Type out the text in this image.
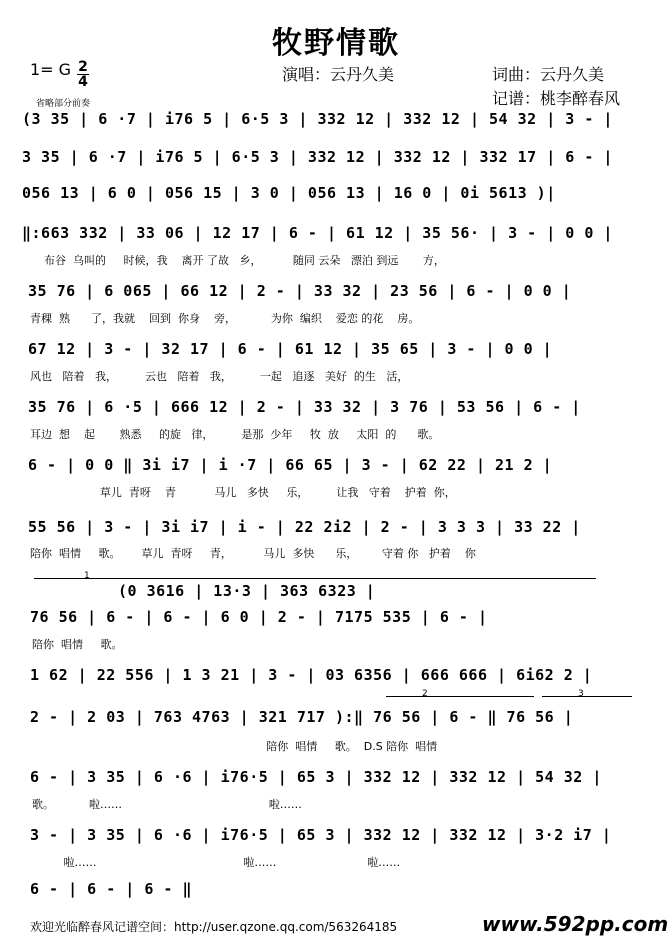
牧野情歌
1= G 2
4	演唱：云丹久美	词曲：云丹久美
记谱：桃李醉春风
省略部分前奏
(3 35 | 6 ·7 | i76 5 | 6·5 3 | 332 12 | 332 12 | 54 32 | 3 - |
3 35 | 6 ·7 | i76 5 | 6·5 3 | 332 12 | 332 12 | 332 17 | 6 - |
056 13 | 6 0 | 056 15 | 3 0 | 056 13 | 16 0 | 0i 5613 )|
‖:663 332 | 33 06 | 12 17 | 6 - | 61 12 | 35 56· | 3 - | 0 0 |
布谷  乌叫的     时候，我    离开 了故   乡，         随同 云朵   漂泊 到远       方，
35 76 | 6 065 | 66 12 | 2 - | 33 32 | 23 56 | 6 - | 0 0 |
青稞  熟      了，我就    回到  你身    旁，          为你  编织    爱恋 的花    房。
67 12 | 3 - | 32 17 | 6 - | 61 12 | 35 65 | 3 - | 0 0 |
风也   陪着   我，        云也   陪着   我，        一起   追逐   美好  的生   活，
35 76 | 6 ·5 | 666 12 | 2 - | 33 32 | 3 76 | 53 56 | 6 - |
耳边  想    起       熟悉     的旋   律，        是那  少年     牧  放     太阳  的      歌。
6 - | 0 0 ‖ 3i i7 | i ·7 | 66 65 | 3 - | 62 22 | 21 2 |
草儿  青呀    青           马儿   多快     乐，        让我   守着    护着  你，
55 56 | 3 - | 3i i7 | i - | 22 2i2 | 2 - | 3 3 3 | 33 22 |
陪你  唱情     歌。      草儿  青呀     青，         马儿  多快      乐，       守着 你   护着    你
1
(0 3616 | 13·3 | 363 6323 |
76 56 | 6 - | 6 - | 6 0 | 2 - | 7175 535 | 6 - |
陪你  唱情     歌。
1 62 | 22 556 | 1 3 21 | 3 - | 03 6356 | 666 666 | 6i62 2 |
2	3
2 - | 2 03 | 763 4763 | 321 717 ):‖ 76 56 | 6 - ‖ 76 56 |
陪你  唱情     歌。  D.S 陪你  唱情
6 - | 3 35 | 6 ·6 | i76·5 | 65 3 | 332 12 | 332 12 | 54 32 |
歌。          啦……                                          啦……
3 - | 3 35 | 6 ·6 | i76·5 | 65 3 | 332 12 | 332 12 | 3·2 i7 |
啦……                                          啦……                          啦……
6 - | 6 - | 6 - ‖
欢迎光临醉春风记谱空间：http://user.qzone.qq.com/563264185	www.592pp.com
